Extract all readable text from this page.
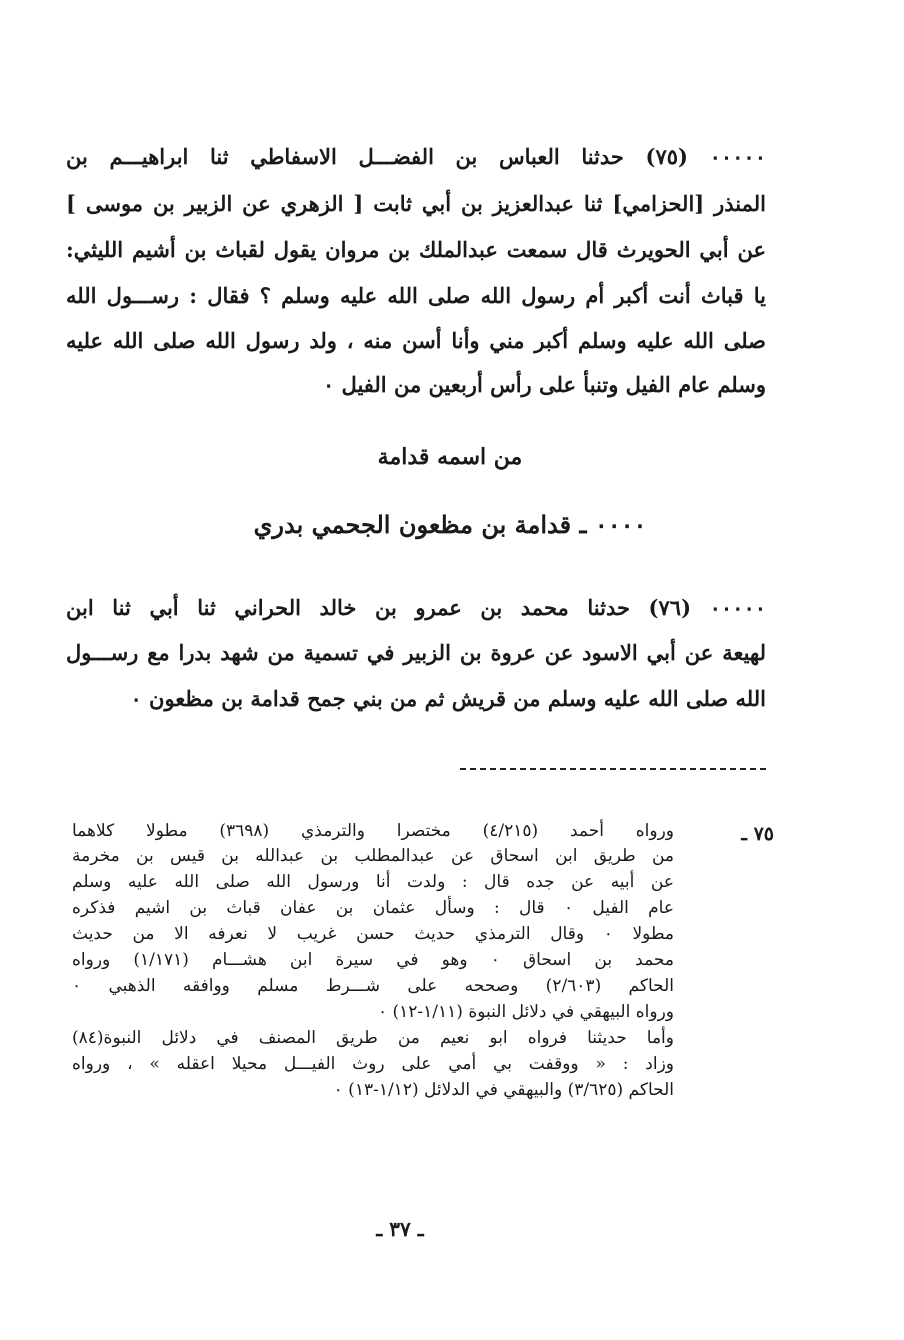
٠٠٠٠٠ (٧٥) حدثنا العباس بن الفضـــل الاسفاطي ثنا ابراهيـــم بن
المنذر [الحزامي] ثنا عبدالعزيز بن أبي ثابت [ الزهري عن الزبير بن موسى ]
عن أبي الحويرث قال سمعت عبدالملك بن مروان يقول لقباث بن أشيم الليثي:
يا قباث أنت أكبر أم رسول الله صلى الله عليه وسلم ؟ فقال : رســـول الله
صلى الله عليه وسلم أكبر مني وأنا أسن منه ، ولد رسول الله صلى الله عليه
وسلم عام الفيل وتنبأ على رأس أربعين من الفيل ٠
من اسمه قدامة
٠٠٠٠ ـ قدامة بن مظعون الجحمي بدري
٠٠٠٠٠ (٧٦) حدثنا محمد بن عمرو بن خالد الحراني ثنا أبي ثنا ابن
لهيعة عن أبي الاسود عن عروة بن الزبير في تسمية من شهد بدرا مع رســـول
الله صلى الله عليه وسلم من قريش ثم من بني جمح قدامة بن مظعون ٠
٧٥ ـ
ورواه أحمد (٤/٢١٥) مختصرا والترمذي (٣٦٩٨) مطولا كلاهما
من طريق ابن اسحاق عن عبدالمطلب بن عبدالله بن قيس بن مخرمة
عن أبيه عن جده قال : ولدت أنا ورسول الله صلى الله عليه وسلم
عام الفيل ٠ قال : وسأل عثمان بن عفان قباث بن اشيم فذكره
مطولا ٠ وقال الترمذي حديث حسن غريب لا نعرفه الا من حديث
محمد بن اسحاق ٠ وهو في سيرة ابن هشـــام (١/١٧١) ورواه
الحاكم (٢/٦٠٣) وصححه على شـــرط مسلم ووافقه الذهبي ٠
ورواه البيهقي في دلائل النبوة (١/١١-١٢) ٠
وأما حديثنا فرواه ابو نعيم من طريق المصنف في دلائل النبوة(٨٤)
وزاد : « ووقفت بي أمي على روث الفيـــل محيلا اعقله » ، ورواه
الحاكم (٣/٦٢٥) والبيهقي في الدلائل (١/١٢-١٣) ٠
ـ ٣٧ ـ
